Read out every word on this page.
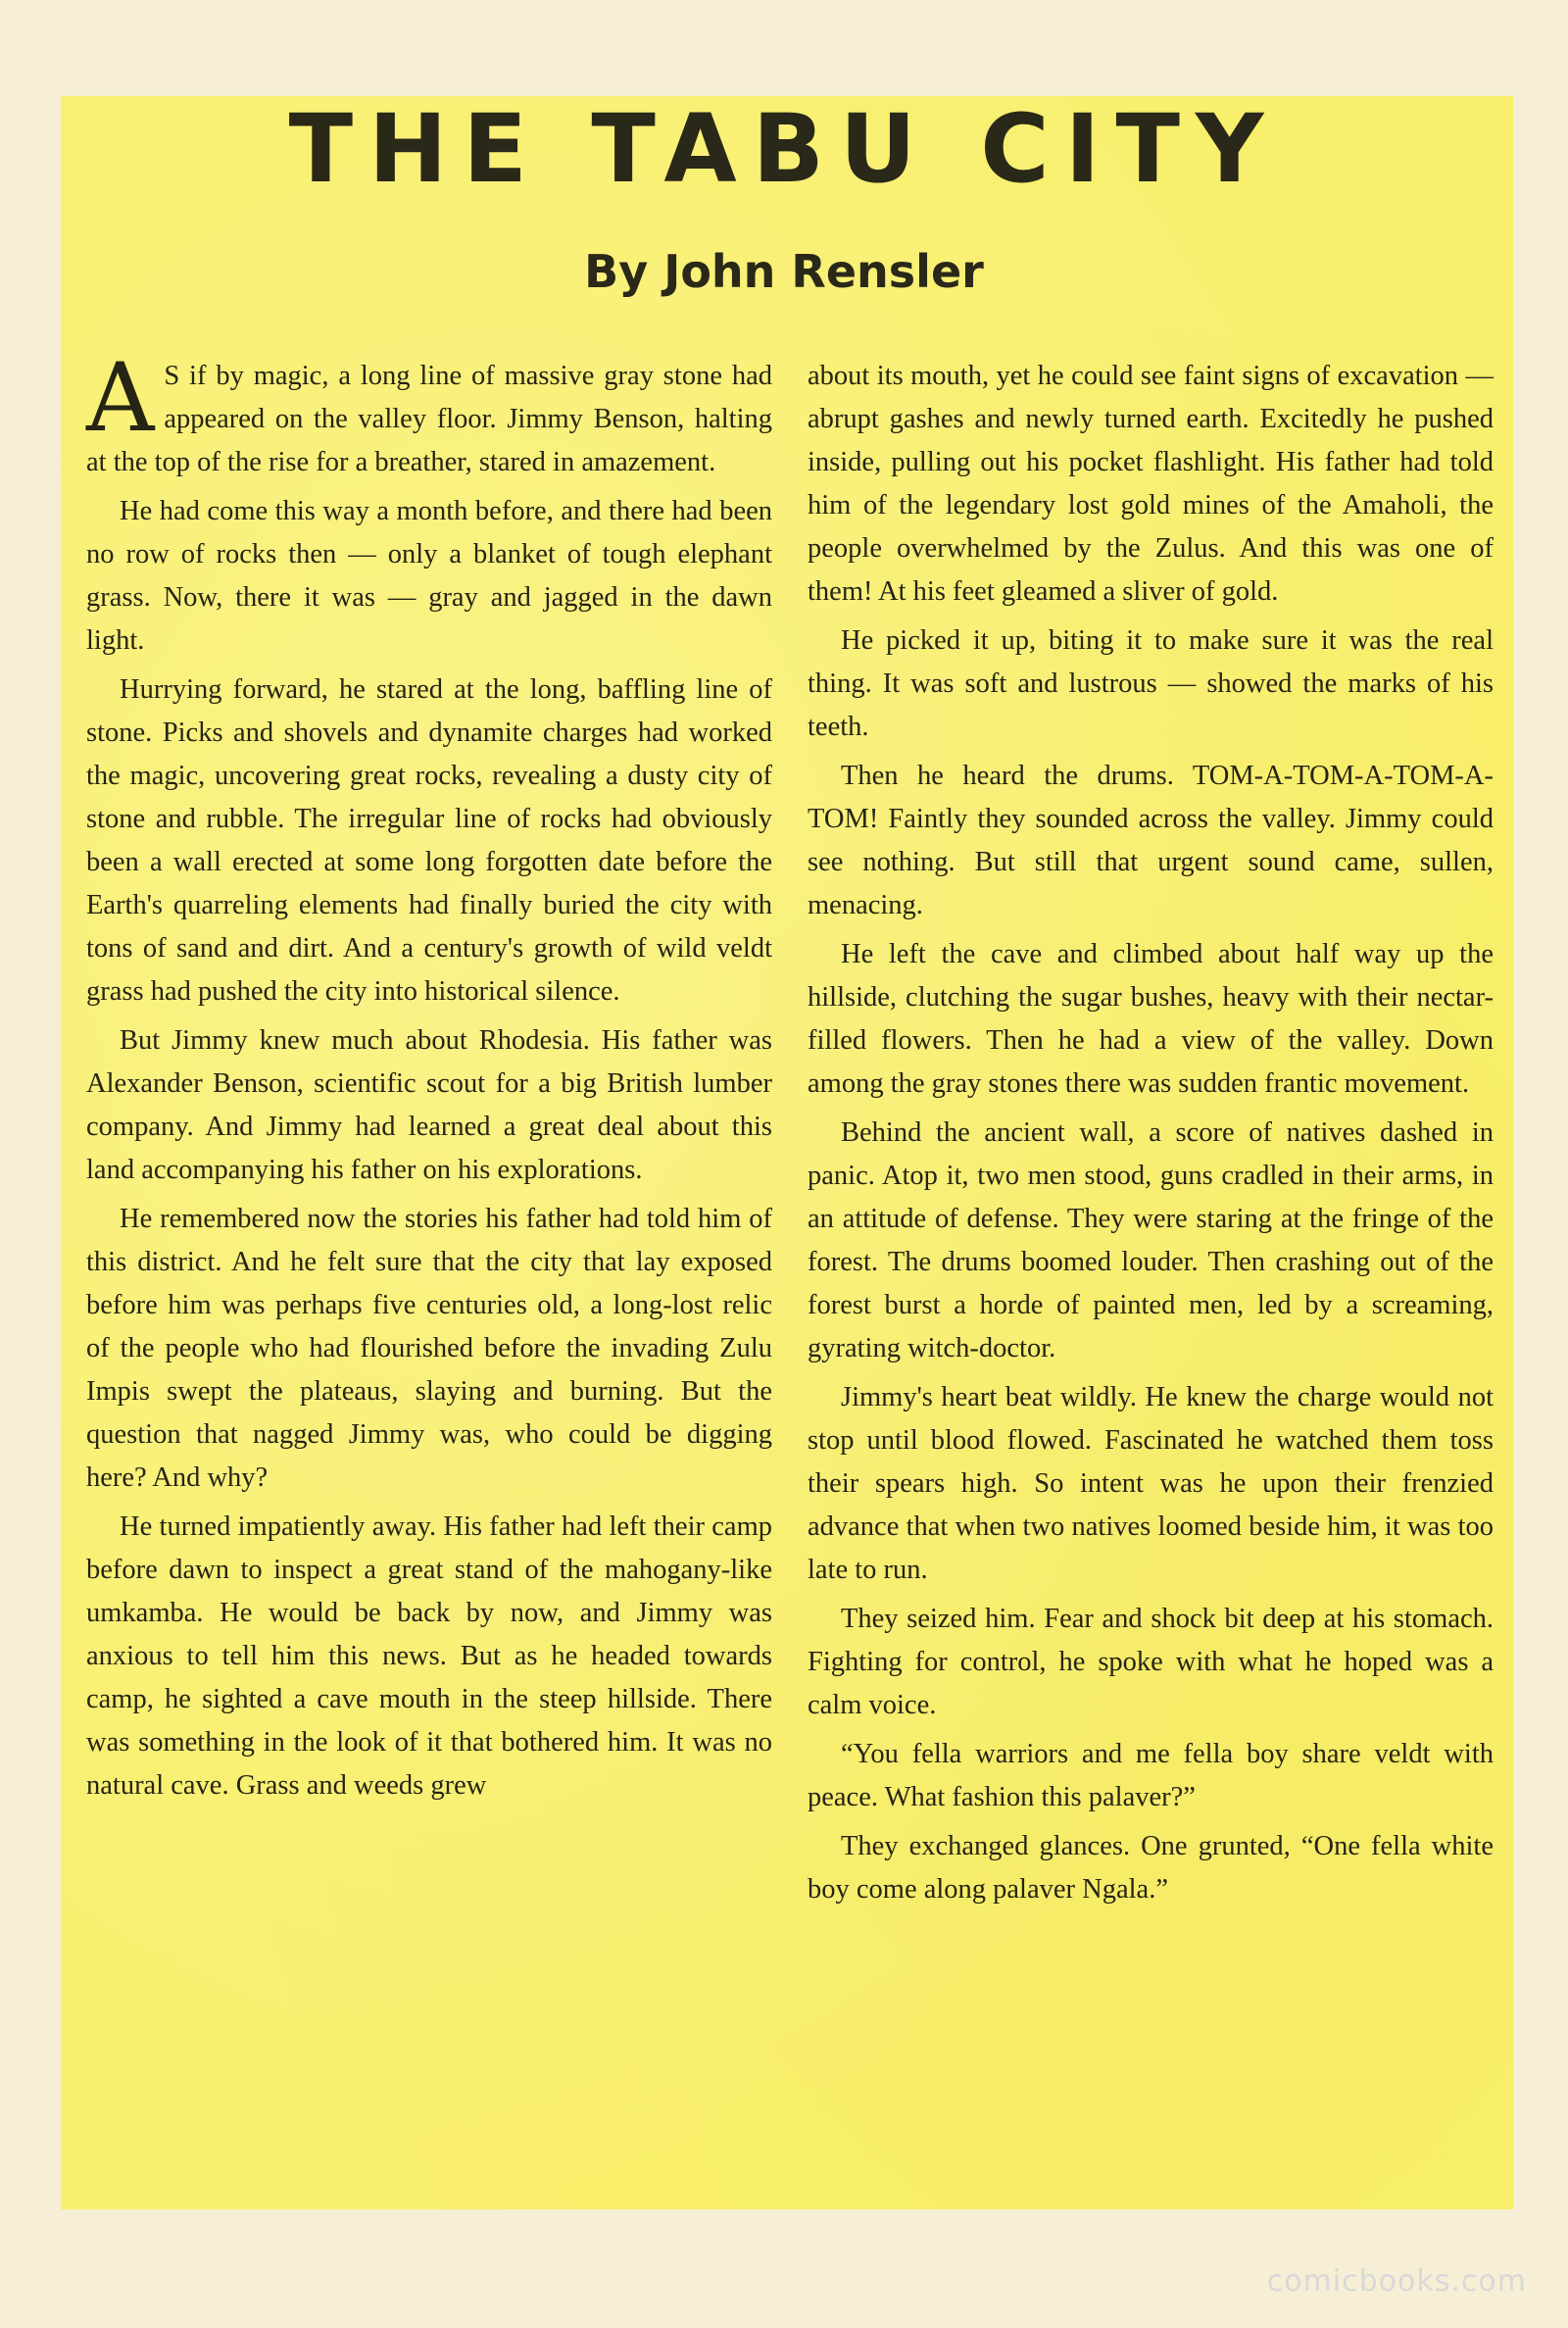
THE TABU CITY
By John Rensler

A S if by magic, a long line of massive gray stone had appeared on the valley floor. Jimmy Benson, halting at the top of the rise for a breather, stared in amazement.

He had come this way a month before, and there had been no row of rocks then — only a blanket of tough elephant grass. Now, there it was — gray and jagged in the dawn light.

Hurrying forward, he stared at the long, baffling line of stone. Picks and shovels and dynamite charges had worked the magic, uncovering great rocks, revealing a dusty city of stone and rubble. The irregular line of rocks had obviously been a wall erected at some long forgotten date before the Earth's quarreling elements had finally buried the city with tons of sand and dirt. And a century's growth of wild veldt grass had pushed the city into historical silence.

But Jimmy knew much about Rhodesia. His father was Alexander Benson, scientific scout for a big British lumber company. And Jimmy had learned a great deal about this land accompanying his father on his explorations.

He remembered now the stories his father had told him of this district. And he felt sure that the city that lay exposed before him was perhaps five centuries old, a long-lost relic of the people who had flourished before the invading Zulu Impis swept the plateaus, slaying and burning. But the question that nagged Jimmy was, who could be digging here? And why?

He turned impatiently away. His father had left their camp before dawn to inspect a great stand of the mahogany-like umkamba. He would be back by now, and Jimmy was anxious to tell him this news. But as he headed towards camp, he sighted a cave mouth in the steep hillside. There was something in the look of it that bothered him. It was no natural cave. Grass and weeds grew

about its mouth, yet he could see faint signs of excavation — abrupt gashes and newly turned earth. Excitedly he pushed inside, pulling out his pocket flashlight. His father had told him of the legendary lost gold mines of the Amaholi, the people overwhelmed by the Zulus. And this was one of them! At his feet gleamed a sliver of gold.

He picked it up, biting it to make sure it was the real thing. It was soft and lustrous — showed the marks of his teeth.

Then he heard the drums. TOM-A-TOM-A-TOM-A-TOM! Faintly they sounded across the valley. Jimmy could see nothing. But still that urgent sound came, sullen, menacing.

He left the cave and climbed about half way up the hillside, clutching the sugar bushes, heavy with their nectar-filled flowers. Then he had a view of the valley. Down among the gray stones there was sudden frantic movement.

Behind the ancient wall, a score of natives dashed in panic. Atop it, two men stood, guns cradled in their arms, in an attitude of defense. They were staring at the fringe of the forest. The drums boomed louder. Then crashing out of the forest burst a horde of painted men, led by a screaming, gyrating witch-doctor.

Jimmy's heart beat wildly. He knew the charge would not stop until blood flowed. Fascinated he watched them toss their spears high. So intent was he upon their frenzied advance that when two natives loomed beside him, it was too late to run.

They seized him. Fear and shock bit deep at his stomach. Fighting for control, he spoke with what he hoped was a calm voice.

“You fella warriors and me fella boy share veldt with peace. What fashion this palaver?”

They exchanged glances. One grunted, “One fella white boy come along palaver Ngala.”

comicbooks.com
